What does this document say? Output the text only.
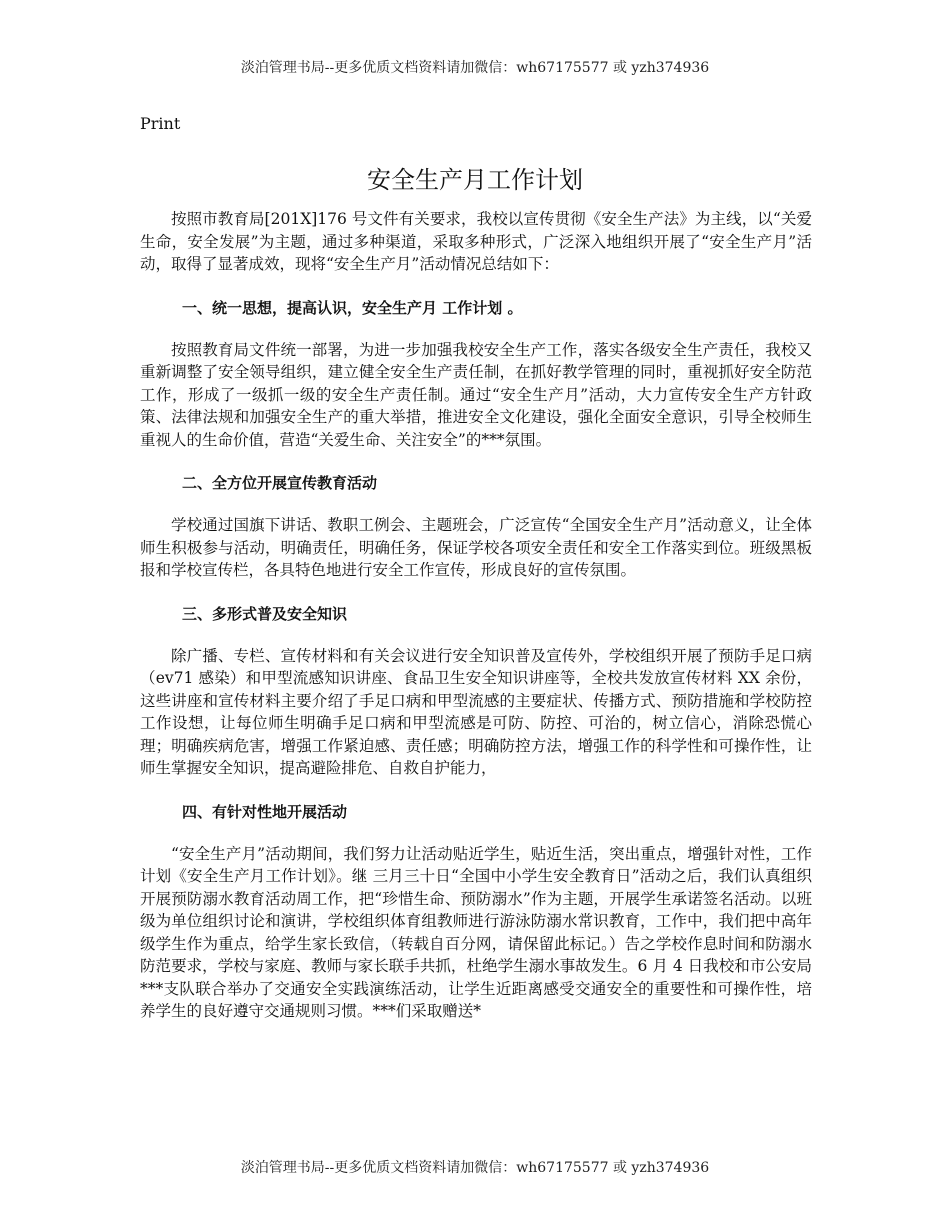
淡泊管理书局--更多优质文档资料请加微信：wh67175577 或 yzh374936
Print
安全生产月工作计划

按照市教育局[201X]176 号文件有关要求，我校以宣传贯彻《安全生产法》为主线，以“关爱生命，安全发展”为主题，通过多种渠道，采取多种形式，广泛深入地组织开展了“安全生产月”活动，取得了显著成效，现将“安全生产月”活动情况总结如下：

一、统一思想，提高认识，安全生产月 工作计划 。

按照教育局文件统一部署，为进一步加强我校安全生产工作，落实各级安全生产责任，我校又重新调整了安全领导组织，建立健全安全生产责任制，在抓好教学管理的同时，重视抓好安全防范工作，形成了一级抓一级的安全生产责任制。通过“安全生产月”活动，大力宣传安全生产方针政策、法律法规和加强安全生产的重大举措，推进安全文化建设，强化全面安全意识，引导全校师生重视人的生命价值，营造“关爱生命、关注安全”的***氛围。

二、全方位开展宣传教育活动

学校通过国旗下讲话、教职工例会、主题班会，广泛宣传“全国安全生产月”活动意义，让全体师生积极参与活动，明确责任，明确任务，保证学校各项安全责任和安全工作落实到位。班级黑板报和学校宣传栏，各具特色地进行安全工作宣传，形成良好的宣传氛围。

三、多形式普及安全知识

除广播、专栏、宣传材料和有关会议进行安全知识普及宣传外，学校组织开展了预防手足口病（ev71 感染）和甲型流感知识讲座、食品卫生安全知识讲座等，全校共发放宣传材料 XX 余份，这些讲座和宣传材料主要介绍了手足口病和甲型流感的主要症状、传播方式、预防措施和学校防控工作设想，让每位师生明确手足口病和甲型流感是可防、防控、可治的，树立信心，消除恐慌心理；明确疾病危害，增强工作紧迫感、责任感；明确防控方法，增强工作的科学性和可操作性，让师生掌握安全知识，提高避险排危、自救自护能力，

四、有针对性地开展活动

“安全生产月”活动期间，我们努力让活动贴近学生，贴近生活，突出重点，增强针对性，工作计划《安全生产月工作计划》。继 三月三十日“全国中小学生安全教育日”活动之后，我们认真组织开展预防溺水教育活动周工作，把“珍惜生命、预防溺水”作为主题，开展学生承诺签名活动。以班级为单位组织讨论和演讲，学校组织体育组教师进行游泳防溺水常识教育，工作中，我们把中高年级学生作为重点，给学生家长致信，（转载自百分网，请保留此标记。）告之学校作息时间和防溺水防范要求，学校与家庭、教师与家长联手共抓，杜绝学生溺水事故发生。6 月 4 日我校和市公安局***支队联合举办了交通安全实践演练活动，让学生近距离感受交通安全的重要性和可操作性，培养学生的良好遵守交通规则习惯。***们采取赠送*

淡泊管理书局--更多优质文档资料请加微信：wh67175577 或 yzh374936
